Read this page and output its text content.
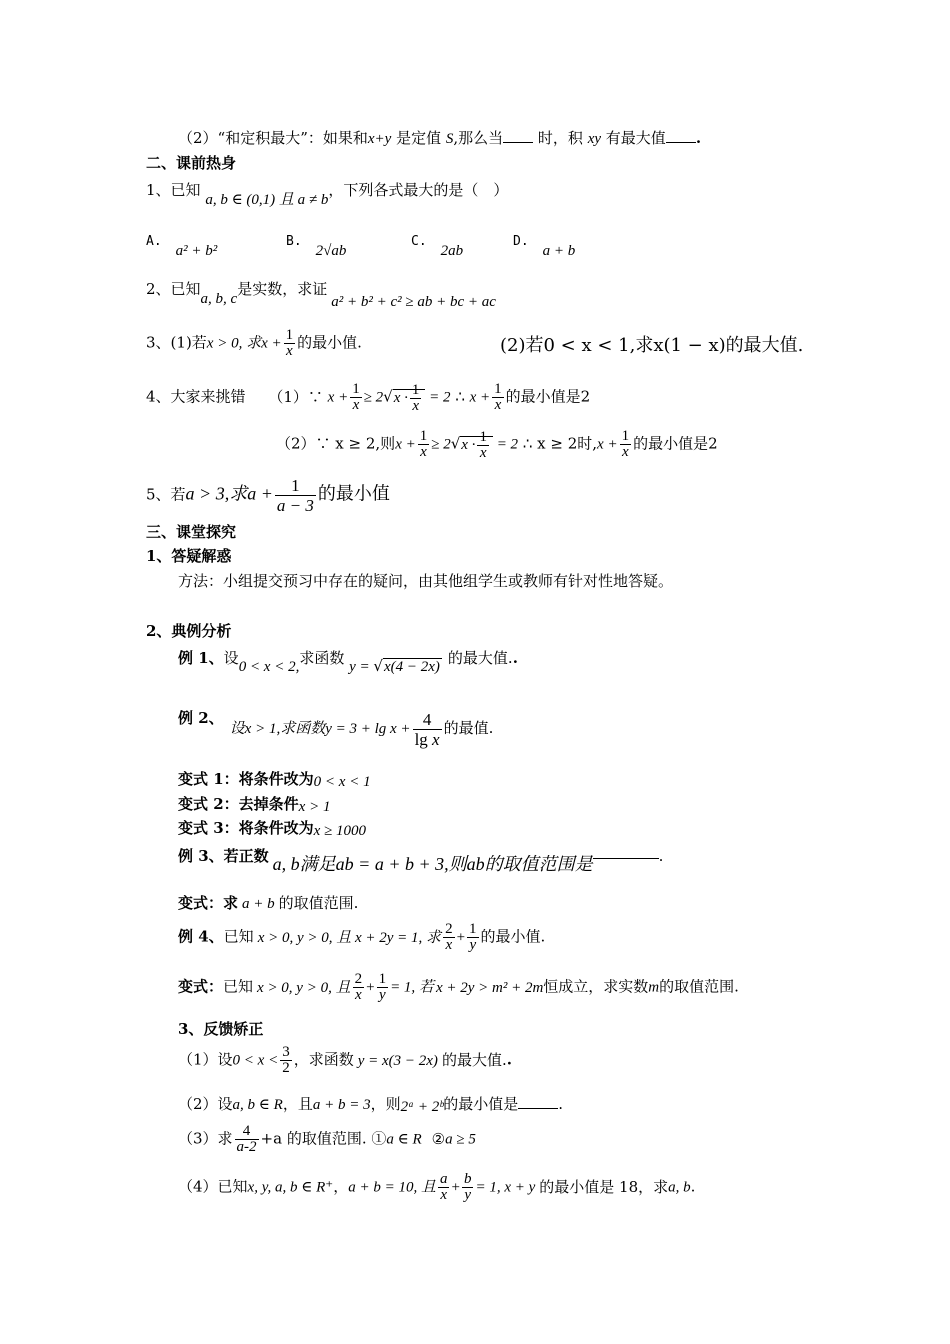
（2）“和定积最大”：如果和x+y 是定值 S,那么当 时，积 xy 有最大值 .
二、课前热身
1、已知 a, b ∈ (0,1) 且 a ≠ b，下列各式最大的是（　）
A.a² + b²B.2√abC.2abD.a + b
2、已知a, b, c是实数，求证a² + b² + c² ≥ ab + bc + ac
3、(1)若x > 0, 求$x + \frac{1}{x}$ 的最小值.	(2)若0 < x < 1,求x(1 − x)的最大值.
4、大家来挑错 （1）∵ $x + \frac{1}{x} \ge 2√x \cdot \frac{1}{x} = 2$ ∴ $x + \frac{1}{x}$ 的最小值是2
（2）∵ x ≥ 2,则$x + \frac{1}{x} \ge 2√x \cdot \frac{1}{x} = 2$ ∴ x ≥ 2时$,x + \frac{1}{x}$ 的最小值是2
5、若a > 3,求$a + \frac{1}{a - 3}$ 的最小值
三、课堂探究
1、答疑解惑
方法：小组提交预习中存在的疑问，由其他组学生或教师有针对性地答疑。
2、典例分析
例 1、设0 < x < 2,求函数 y = √x(4 − 2x) 的最大值..
例 2、设x > 1,求函数$y = 3 + \lg x + \frac{4}{\text{lg x}}$ 的最值.
变式 1：将条件改为0 < x < 1
变式 2：去掉条件x > 1
变式 3：将条件改为x ≥ 1000
例 3、若正数 a, b满足ab = a + b + 3,则ab的取值范围是	.
变式：求 a + b 的取值范围.
例 4、已知 x > 0, y > 0, 且 x + 2y = 1, 求 $\frac{2}{x} + \frac{1}{y}$ 的最小值.
变式：已知 x > 0, y > 0, 且 $\frac{2}{x} + \frac{1}{y} = 1$, 若 x + 2y > m² + 2m恒成立，求实数m的取值范围.
3、反馈矫正
（1）设$0 < x < \frac{3}{2}$ ，求函数 y = x(3 − 2x) 的最大值..
（2）设a, b ∈ R，且a + b = 3，则2ᵃ + 2ᵇ的最小值是	.
（3）求 $\frac{4}{a-2} +a$ 的取值范围. ①a ∈ R ②a ≥ 5
（4）已知x, y, a, b ∈ R⁺，a + b = 10, 且 $\frac{a}{x} + \frac{b}{y} = 1$, x + y 的最小值是 18，求a, b.
